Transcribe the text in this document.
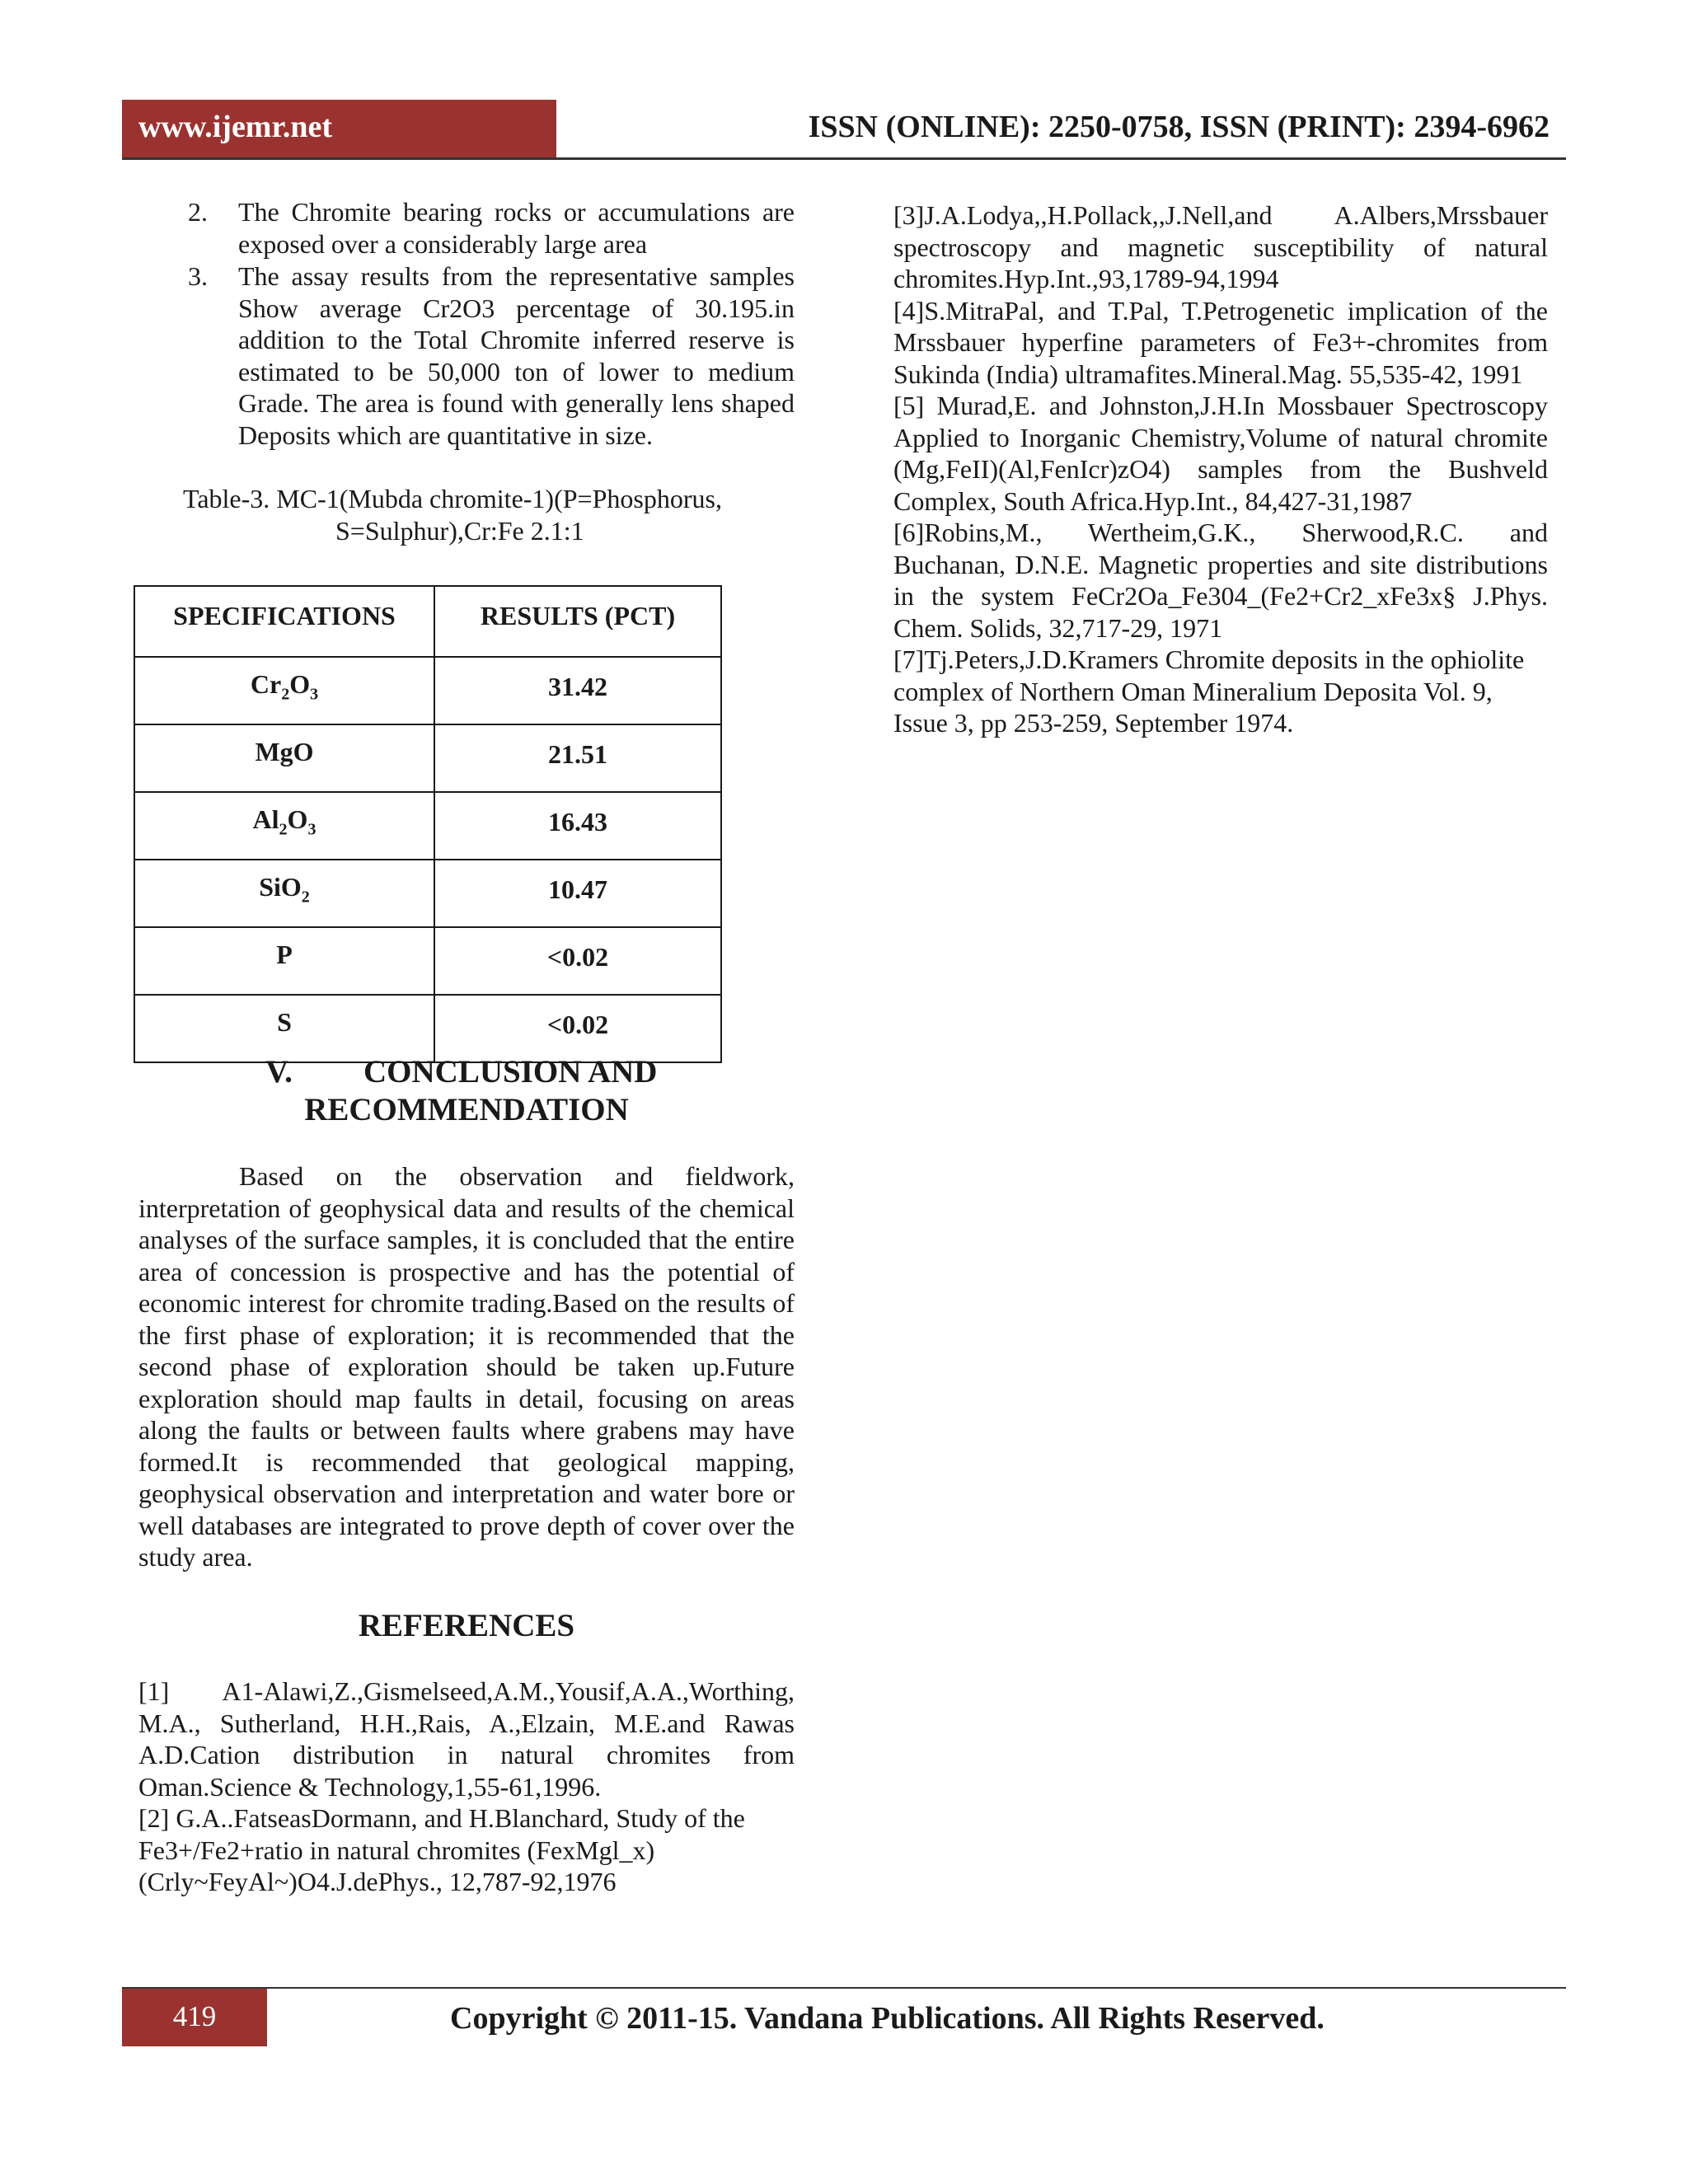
www.ijemr.net	ISSN (ONLINE): 2250-0758, ISSN (PRINT): 2394-6962
2. The Chromite bearing rocks or accumulations are exposed over a considerably large area
3. The assay results from the representative samples Show average Cr2O3 percentage of 30.195.in addition to the Total Chromite inferred reserve is estimated to be 50,000 ton of lower to medium Grade. The area is found with generally lens shaped Deposits which are quantitative in size.
Table-3. MC-1(Mubda chromite-1)(P=Phosphorus,
S=Sulphur),Cr:Fe 2.1:1
SPECIFICATIONS	RESULTS (PCT)
$Cr_2O_3$	31.42
MgO	21.51
$Al_2O_3$	16.43
SiO$_2$	10.47
P	<0.02
S	<0.02
V. CONCLUSION AND
RECOMMENDATION
Based on the observation and fieldwork, interpretation of geophysical data and results of the chemical analyses of the surface samples, it is concluded that the entire area of concession is prospective and has the potential of economic interest for chromite trading.Based on the results of the first phase of exploration; it is recommended that the second phase of exploration should be taken up.Future exploration should map faults in detail, focusing on areas along the faults or between faults where grabens may have formed.It is recommended that geological mapping, geophysical observation and interpretation and water bore or well databases are integrated to prove depth of cover over the study area.
REFERENCES

[1] A1-Alawi,Z.,Gismelseed,A.M.,Yousif,A.A.,Worthing, M.A., Sutherland, H.H.,Rais, A.,Elzain, M.E.and Rawas A.D.Cation distribution in natural chromites from Oman.Science & Technology,1,55-61,1996.

[2] G.A..FatseasDormann, and H.Blanchard, Study of the Fe3+/Fe2+ratio in natural chromites (FexMgl_x) (Crly~FeyAl~)O4.J.dePhys., 12,787-92,1976

[3]J.A.Lodya,,H.Pollack,,J.Nell,and A.Albers,Mrssbauer spectroscopy and magnetic susceptibility of natural chromites.Hyp.Int.,93,1789-94,1994

[4]S.MitraPal, and T.Pal, T.Petrogenetic implication of the Mrssbauer hyperfine parameters of Fe3+-chromites from Sukinda (India) ultramafites.Mineral.Mag. 55,535-42, 1991

[5] Murad,E. and Johnston,J.H.In Mossbauer Spectroscopy Applied to Inorganic Chemistry,Volume of natural chromite (Mg,FeII)(Al,FenIcr)zO4) samples from the Bushveld Complex, South Africa.Hyp.Int., 84,427-31,1987

[6]Robins,M., Wertheim,G.K., Sherwood,R.C. and Buchanan, D.N.E. Magnetic properties and site distributions in the system FeCr2Oa_Fe304_(Fe2+Cr2_xFe3x§ J.Phys. Chem. Solids, 32,717-29, 1971

[7]Tj.Peters,J.D.Kramers Chromite deposits in the ophiolite complex of Northern Oman Mineralium Deposita Vol. 9, Issue 3, pp 253-259, September 1974.

419	Copyright © 2011-15. Vandana Publications. All Rights Reserved.
